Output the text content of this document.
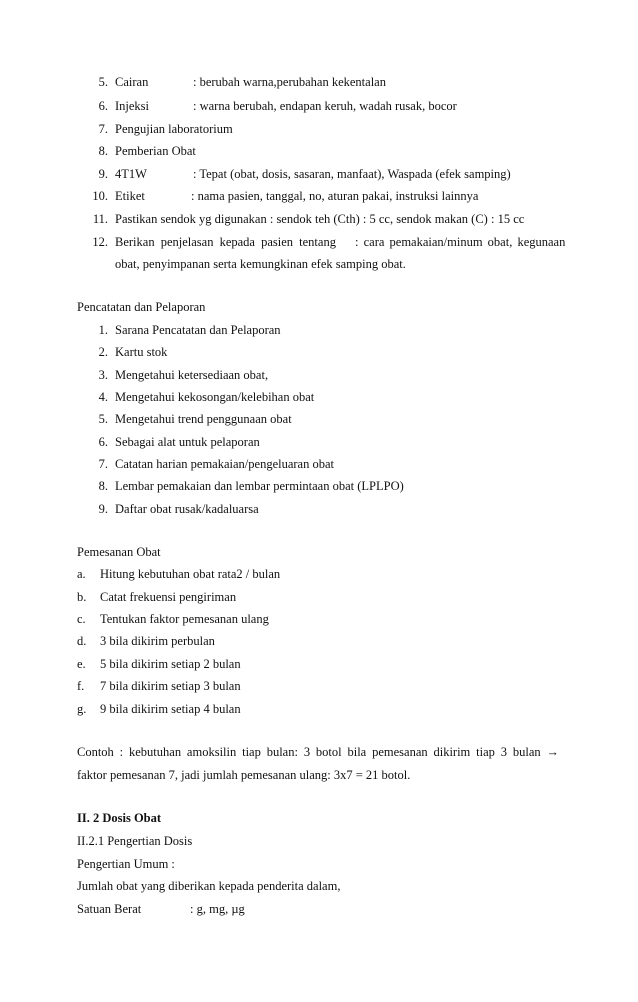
5. Cairan	: berubah warna,perubahan kekentalan
6. Injeksi	: warna berubah, endapan keruh, wadah rusak, bocor
7. Pengujian laboratorium
8. Pemberian Obat
9. 4T1W	: Tepat (obat, dosis, sasaran, manfaat), Waspada (efek samping)
10. Etiket	: nama pasien, tanggal, no, aturan pakai, instruksi lainnya
11. Pastikan sendok yg digunakan : sendok teh (Cth) : 5 cc, sendok makan (C) : 15 cc
12. Berikan penjelasan kepada pasien tentang : cara pemakaian/minum obat, kegunaan
obat, penyimpanan serta kemungkinan efek samping obat.
Pencatatan dan Pelaporan
1. Sarana Pencatatan dan Pelaporan
2. Kartu stok
3. Mengetahui ketersediaan obat,
4. Mengetahui kekosongan/kelebihan obat
5. Mengetahui trend penggunaan obat
6. Sebagai alat untuk pelaporan
7. Catatan harian pemakaian/pengeluaran obat
8. Lembar pemakaian dan lembar permintaan obat (LPLPO)
9. Daftar obat rusak/kadaluarsa
Pemesanan Obat
a. Hitung kebutuhan obat rata2 / bulan
b. Catat frekuensi pengiriman
c. Tentukan faktor pemesanan ulang
d. 3 bila dikirim perbulan
e. 5 bila dikirim setiap 2 bulan
f. 7 bila dikirim setiap 3 bulan
g. 9 bila dikirim setiap 4 bulan
Contoh : kebutuhan amoksilin tiap bulan: 3 botol bila pemesanan dikirim tiap 3 bulan →
faktor pemesanan 7, jadi jumlah pemesanan ulang: 3x7 = 21 botol.
II. 2 Dosis Obat
II.2.1 Pengertian Dosis
Pengertian Umum :
Jumlah obat yang diberikan kepada penderita dalam,
Satuan Berat	: g, mg, µg
